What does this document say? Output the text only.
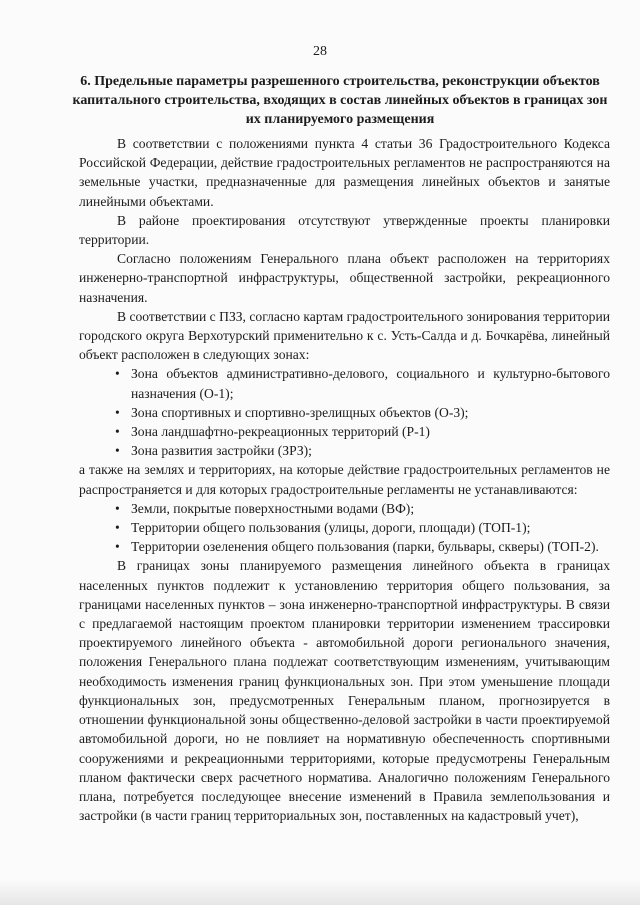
28
6. Предельные параметры разрешенного строительства, реконструкции объектов капитального строительства, входящих в состав линейных объектов в границах зон их планируемого размещения

В соответствии с положениями пункта 4 статьи 36 Градостроительного Кодекса Российской Федерации, действие градостроительных регламентов не распространяются на земельные участки, предназначенные для размещения линейных объектов и занятые линейными объектами.

В районе проектирования отсутствуют утвержденные проекты планировки территории.

Согласно положениям Генерального плана объект расположен на территориях инженерно-транспортной инфраструктуры, общественной застройки, рекреационного назначения.

В соответствии с ПЗЗ, согласно картам градостроительного зонирования территории городского округа Верхотурский применительно к с. Усть-Салда и д. Бочкарёва, линейный объект расположен в следующих зонах:

• Зона объектов административно-делового, социального и культурно-бытового назначения (О-1);
• Зона спортивных и спортивно-зрелищных объектов (О-3);
• Зона ландшафтно-рекреационных территорий (Р-1)
• Зона развития застройки (ЗРЗ);

а также на землях и территориях, на которые действие градостроительных регламентов не распространяется и для которых градостроительные регламенты не устанавливаются:

• Земли, покрытые поверхностными водами (ВФ);
• Территории общего пользования (улицы, дороги, площади) (ТОП-1);
• Территории озеленения общего пользования (парки, бульвары, скверы) (ТОП-2).

В границах зоны планируемого размещения линейного объекта в границах населенных пунктов подлежит к установлению территория общего пользования, за границами населенных пунктов – зона инженерно-транспортной инфраструктуры. В связи с предлагаемой настоящим проектом планировки территории изменением трассировки проектируемого линейного объекта - автомобильной дороги регионального значения, положения Генерального плана подлежат соответствующим изменениям, учитывающим необходимость изменения границ функциональных зон. При этом уменьшение площади функциональных зон, предусмотренных Генеральным планом, прогнозируется в отношении функциональной зоны общественно-деловой застройки в части проектируемой автомобильной дороги, но не повлияет на нормативную обеспеченность спортивными сооружениями и рекреационными территориями, которые предусмотрены Генеральным планом фактически сверх расчетного норматива. Аналогично положениям Генерального плана, потребуется последующее внесение изменений в Правила землепользования и застройки (в части границ территориальных зон, поставленных на кадастровый учет),
